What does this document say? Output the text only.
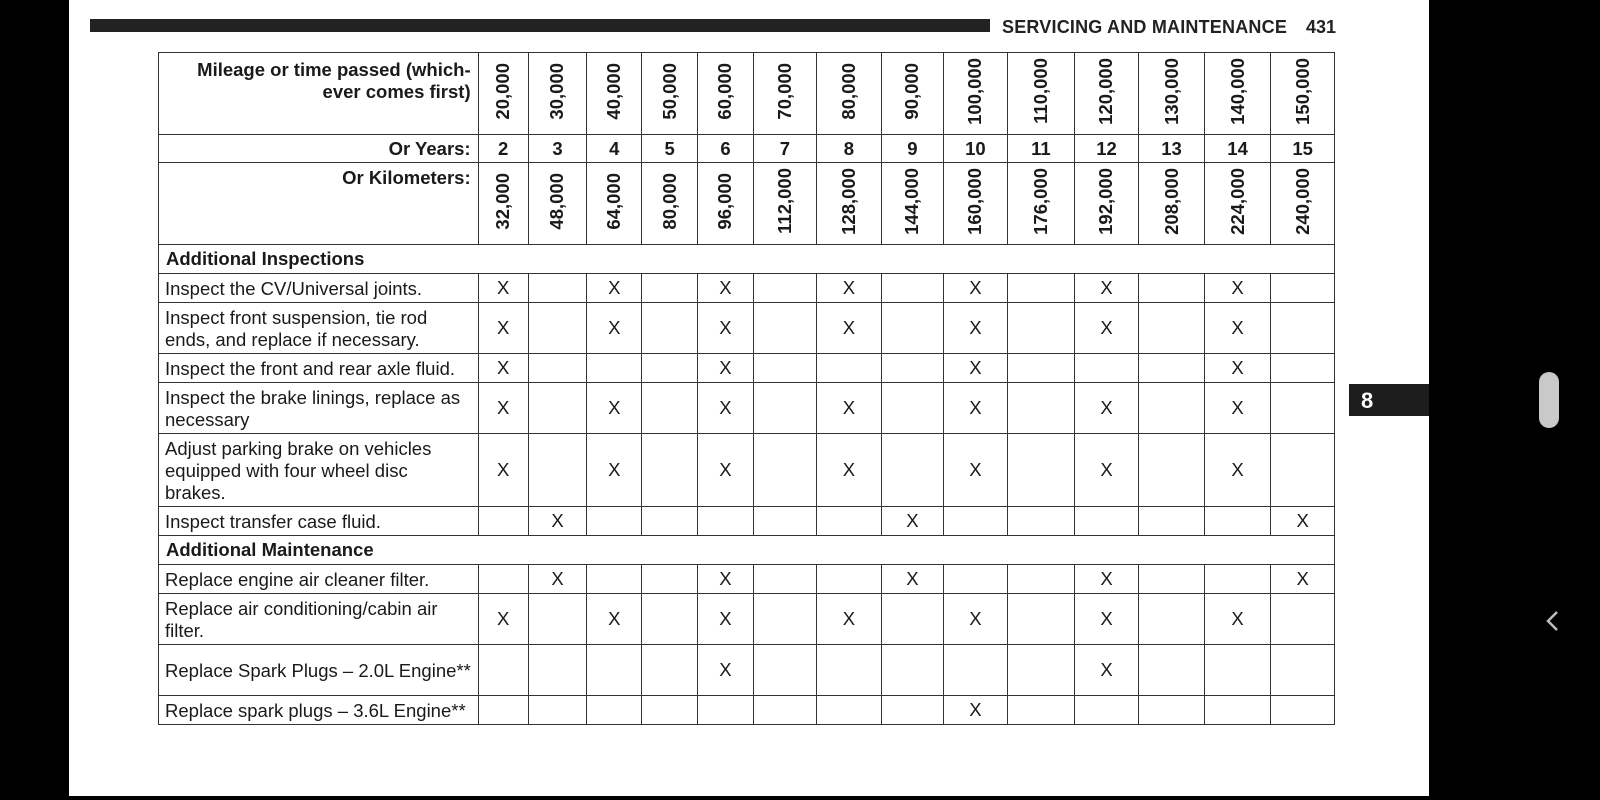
SERVICING AND MAINTENANCE 431
Mileage or time passed (which-
ever comes first)	20,000	30,000	40,000	50,000	60,000	70,000	80,000	90,000	100,000	110,000	120,000	130,000	140,000	150,000
Or Years:	2	3	4	5	6	7	8	9	10	11	12	13	14	15
Or Kilometers:	32,000	48,000	64,000	80,000	96,000	112,000	128,000	144,000	160,000	176,000	192,000	208,000	224,000	240,000
Additional Inspections														
Inspect the CV/Universal joints.	X		X		X		X		X		X		X	
Inspect front suspension, tie rod ends, and replace if necessary.	X		X		X		X		X		X		X	
Inspect the front and rear axle fluid.	X				X				X				X	
Inspect the brake linings, replace as necessary	X		X		X		X		X		X		X	
Adjust parking brake on vehicles equipped with four wheel disc brakes.	X		X		X		X		X		X		X	
Inspect transfer case fluid.		X						X						X
Additional Maintenance														
Replace engine air cleaner filter.		X			X			X			X			X
Replace air conditioning/cabin air filter.	X		X		X		X		X		X		X	
Replace Spark Plugs – 2.0L Engine**					X						X			
Replace spark plugs – 3.6L Engine**									X					
8
